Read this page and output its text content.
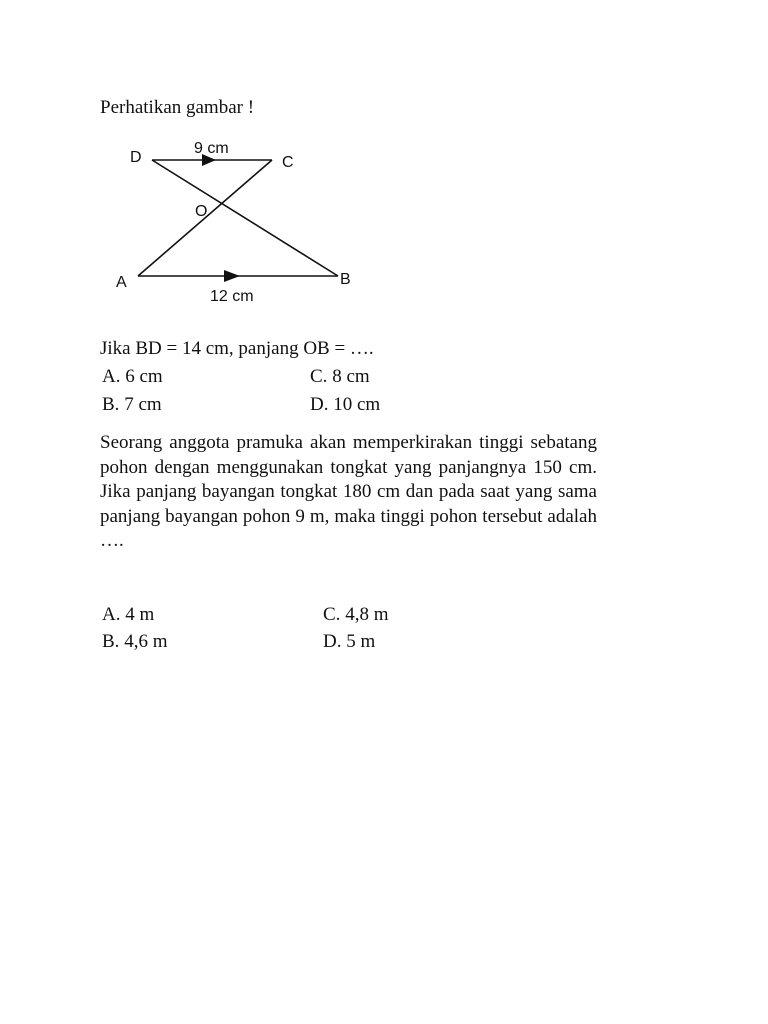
Perhatikan gambar !

D	C
O
A	B
9 cm
12 cm

Jika BD = 14 cm, panjang OB = ….

A. 6 cm
B. 7 cm
C. 8 cm
D. 10 cm

Seorang anggota pramuka akan memperkirakan tinggi sebatang pohon dengan menggunakan tongkat yang panjangnya 150 cm. Jika panjang bayangan tongkat 180 cm dan pada saat yang sama panjang bayangan pohon 9 m, maka tinggi pohon tersebut adalah ….

A. 4 m
B. 4,6 m
C. 4,8 m
D. 5 m
